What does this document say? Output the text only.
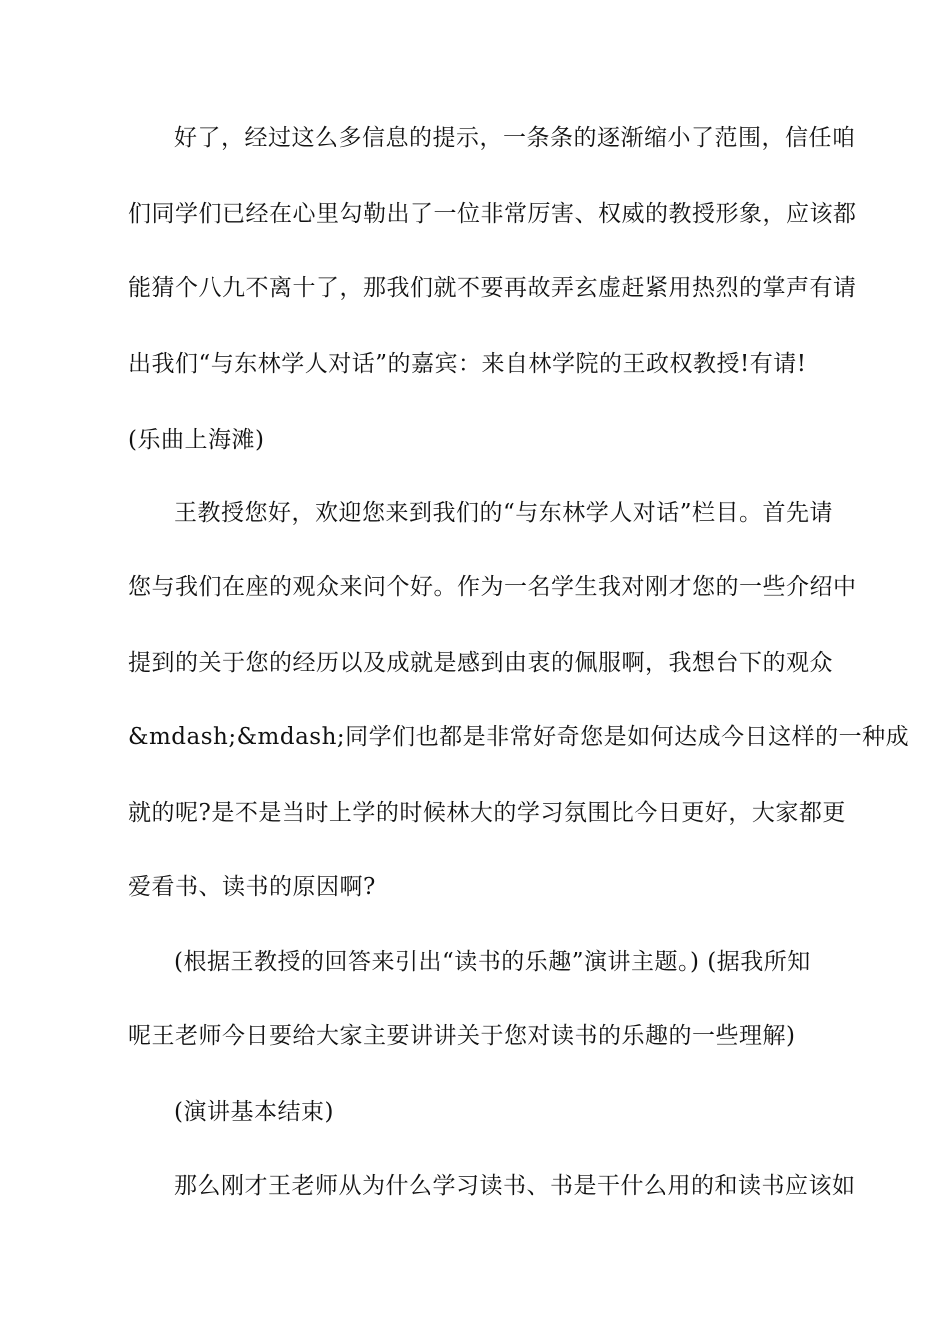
好了，经过这么多信息的提示，一条条的逐渐缩小了范围，信任咱
们同学们已经在心里勾勒出了一位非常厉害、权威的教授形象，应该都
能猜个八九不离十了，那我们就不要再故弄玄虚赶紧用热烈的掌声有请
出我们“与东林学人对话”的嘉宾：来自林学院的王政权教授!有请!
(乐曲上海滩)
王教授您好，欢迎您来到我们的“与东林学人对话”栏目。首先请
您与我们在座的观众来问个好。作为一名学生我对刚才您的一些介绍中
提到的关于您的经历以及成就是感到由衷的佩服啊，我想台下的观众
&mdash;&mdash;同学们也都是非常好奇您是如何达成今日这样的一种成
就的呢?是不是当时上学的时候林大的学习氛围比今日更好，大家都更
爱看书、读书的原因啊?
(根据王教授的回答来引出“读书的乐趣”演讲主题。) (据我所知
呢王老师今日要给大家主要讲讲关于您对读书的乐趣的一些理解)
(演讲基本结束)
那么刚才王老师从为什么学习读书、书是干什么用的和读书应该如
